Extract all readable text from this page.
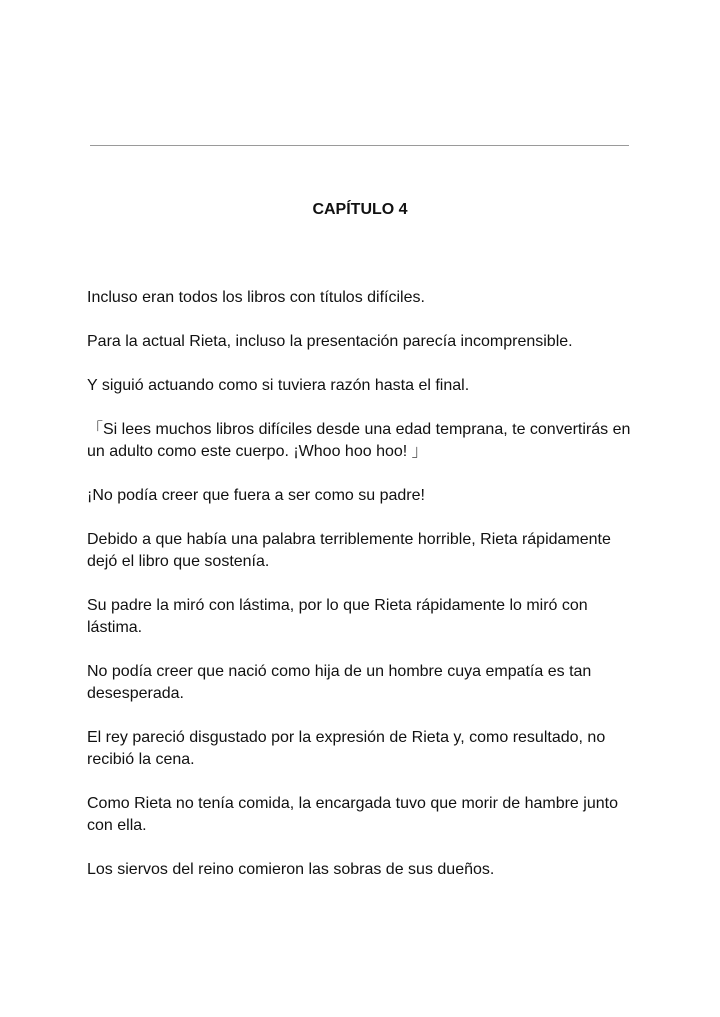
CAPÍTULO 4

Incluso eran todos los libros con títulos difíciles.

Para la actual Rieta, incluso la presentación parecía incomprensible.

Y siguió actuando como si tuviera razón hasta el final.

「Si lees muchos libros difíciles desde una edad temprana, te convertirás en un adulto como este cuerpo. ¡Whoo hoo hoo! 」

¡No podía creer que fuera a ser como su padre!

Debido a que había una palabra terriblemente horrible, Rieta rápidamente dejó el libro que sostenía.

Su padre la miró con lástima, por lo que Rieta rápidamente lo miró con lástima.

No podía creer que nació como hija de un hombre cuya empatía es tan desesperada.

El rey pareció disgustado por la expresión de Rieta y, como resultado, no recibió la cena.

Como Rieta no tenía comida, la encargada tuvo que morir de hambre junto con ella.

Los siervos del reino comieron las sobras de sus dueños.
